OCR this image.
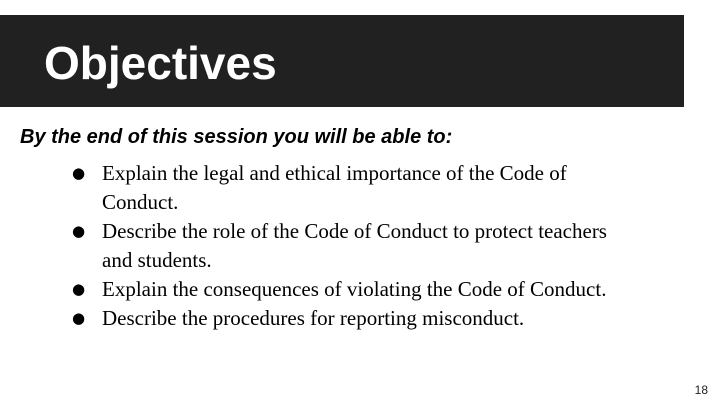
Objectives

By the end of this session you will be able to:

● Explain the legal and ethical importance of the Code of Conduct.
● Describe the role of the Code of Conduct to protect teachers and students.
● Explain the consequences of violating the Code of Conduct.
● Describe the procedures for reporting misconduct.
18
